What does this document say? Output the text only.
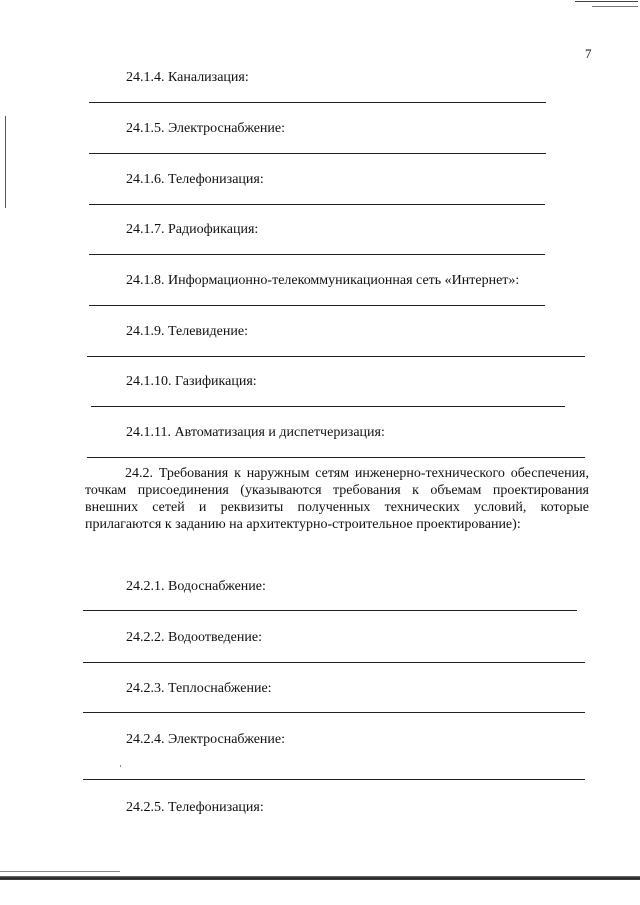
7
24.1.4. Канализация:
24.1.5. Электроснабжение:
24.1.6. Телефонизация:
24.1.7. Радиофикация:
24.1.8. Информационно-телекоммуникационная сеть «Интернет»:
24.1.9. Телевидение:
24.1.10. Газификация:
24.1.11. Автоматизация и диспетчеризация:
24.2. Требования к наружным сетям инженерно-технического обеспечения, точкам присоединения (указываются требования к объемам проектирования внешних сетей и реквизиты полученных технических условий, которые прилагаются к заданию на архитектурно-строительное проектирование):
24.2.1. Водоснабжение:
24.2.2. Водоотведение:
24.2.3. Теплоснабжение:
24.2.4. Электроснабжение:
24.2.5. Телефонизация:
